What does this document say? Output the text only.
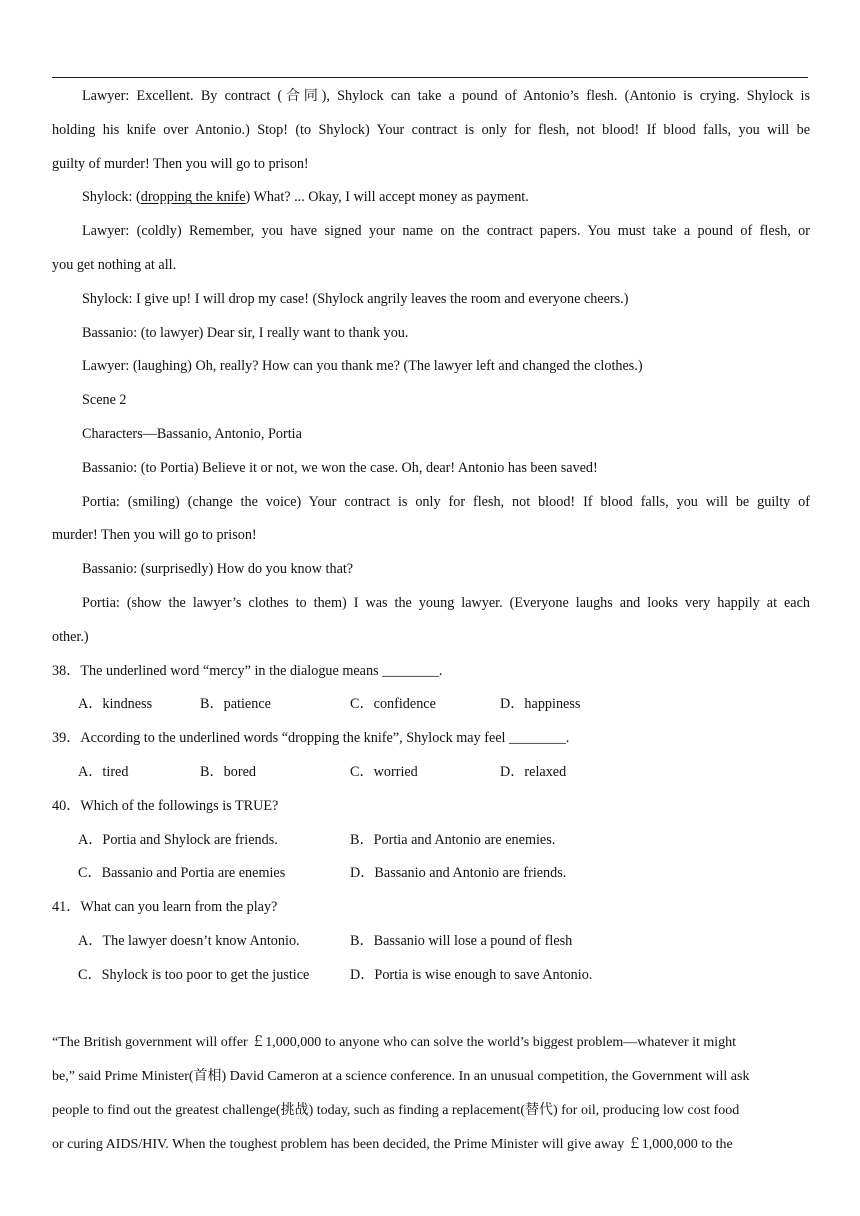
Lawyer: Excellent. By contract (合同), Shylock can take a pound of Antonio’s flesh. (Antonio is crying. Shylock is
holding his knife over Antonio.) Stop! (to Shylock) Your contract is only for flesh, not blood! If blood falls, you will be
guilty of murder! Then you will go to prison!
Shylock: (dropping the knife) What? ... Okay, I will accept money as payment.
Lawyer: (coldly) Remember, you have signed your name on the contract papers. You must take a pound of flesh, or
you get nothing at all.
Shylock: I give up! I will drop my case! (Shylock angrily leaves the room and everyone cheers.)
Bassanio: (to lawyer) Dear sir, I really want to thank you.
Lawyer: (laughing) Oh, really? How can you thank me? (The lawyer left and changed the clothes.)
Scene 2
Characters—Bassanio, Antonio, Portia
Bassanio: (to Portia) Believe it or not, we won the case. Oh, dear! Antonio has been saved!
Portia: (smiling) (change the voice) Your contract is only for flesh, not blood! If blood falls, you will be guilty of
murder! Then you will go to prison!
Bassanio: (surprisedly) How do you know that?
Portia: (show the lawyer’s clothes to them) I was the young lawyer. (Everyone laughs and looks very happily at each
other.)
38．The underlined word “mercy” in the dialogue means ________.
A．kindness	B．patience	C．confidence	D．happiness
39．According to the underlined words “dropping the knife”, Shylock may feel ________.
A．tired	B．bored	C．worried	D．relaxed
40．Which of the followings is TRUE?
A．Portia and Shylock are friends.	B．Portia and Antonio are enemies.
C．Bassanio and Portia are enemies	D．Bassanio and Antonio are friends.
41．What can you learn from the play?
A．The lawyer doesn’t know Antonio.	B．Bassanio will lose a pound of flesh
C．Shylock is too poor to get the justice	D．Portia is wise enough to save Antonio.
“The British government will offer ￡1,000,000 to anyone who can solve the world’s biggest problem—whatever it might
be,” said Prime Minister(首相) David Cameron at a science conference. In an unusual competition, the Government will ask
people to find out the greatest challenge(挑战) today, such as finding a replacement(替代) for oil, producing low cost food
or curing AIDS/HIV. When the toughest problem has been decided, the Prime Minister will give away ￡1,000,000 to the
